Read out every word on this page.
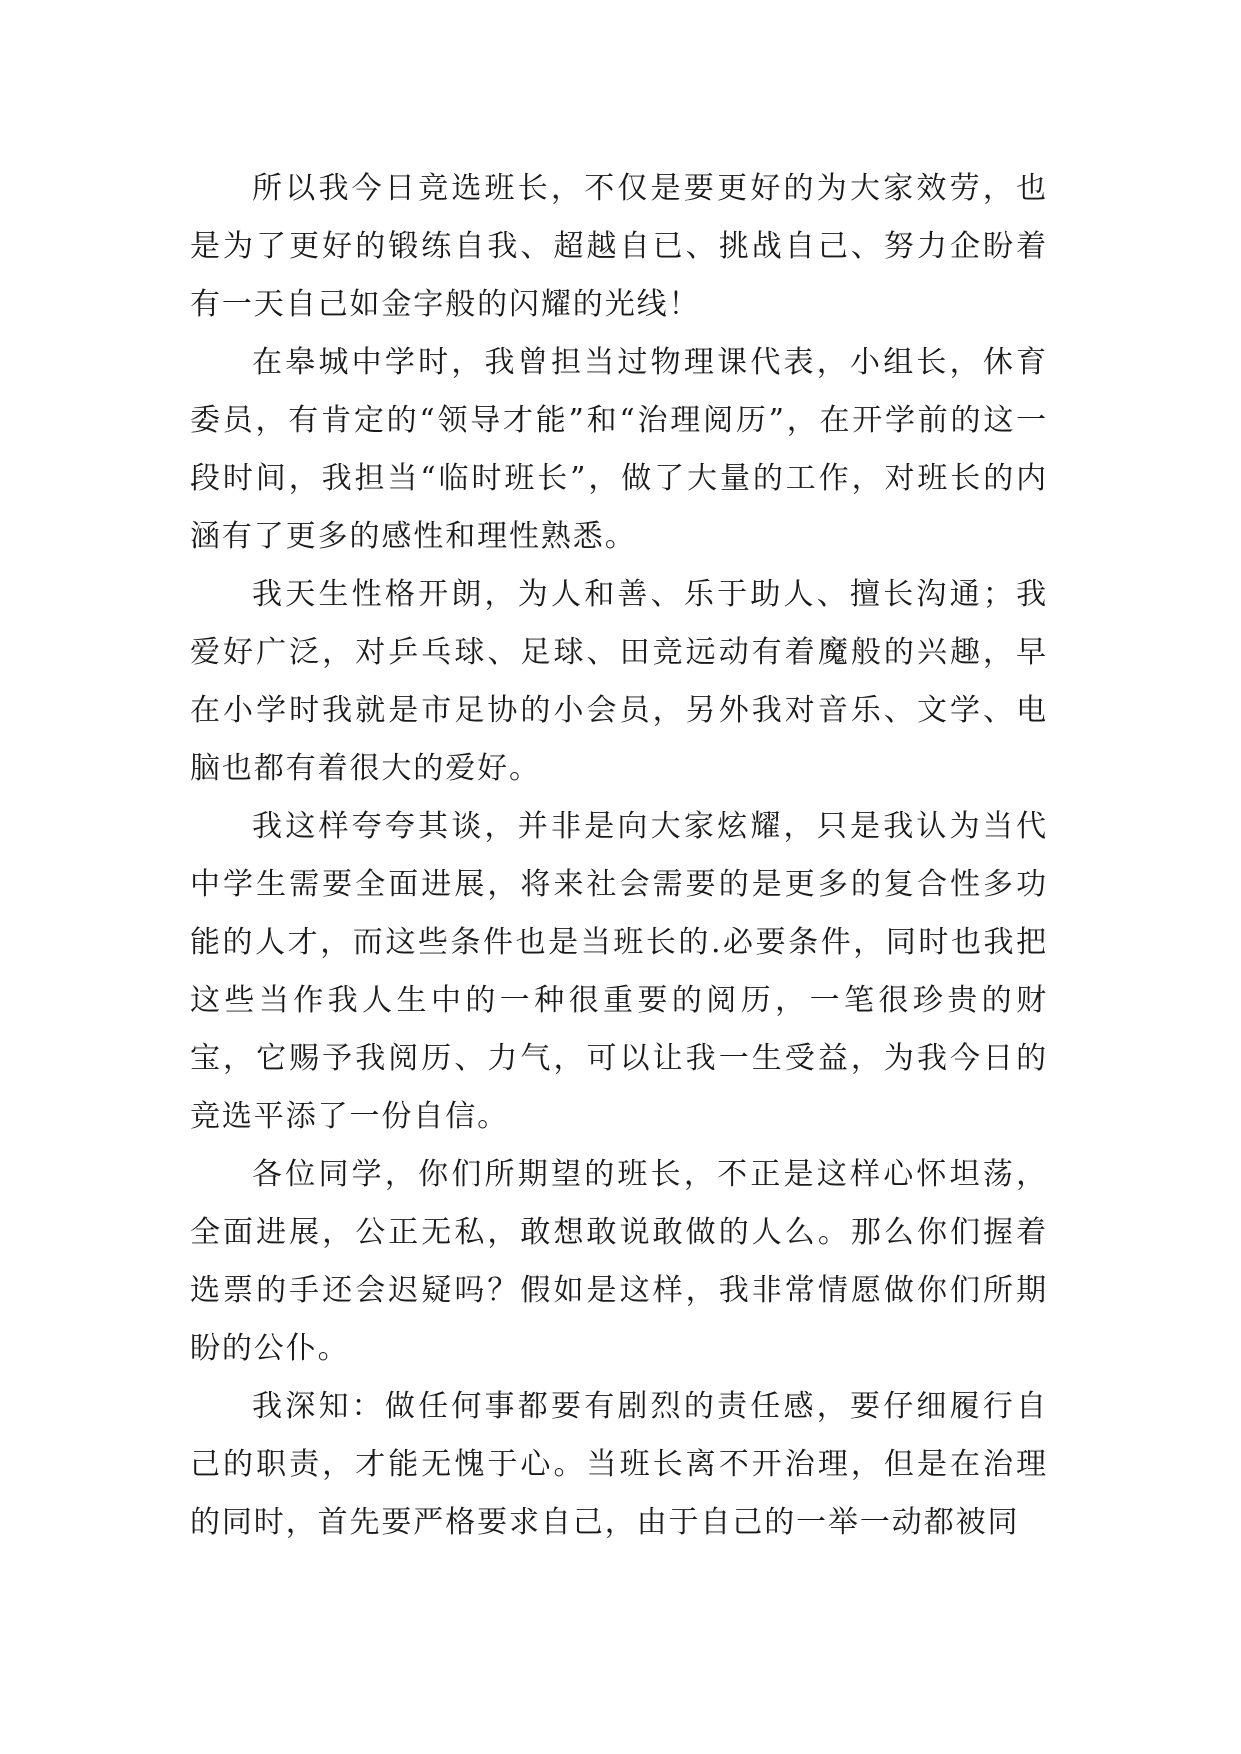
所以我今日竞选班长，不仅是要更好的为大家效劳，也是为了更好的锻练自我、超越自已、挑战自己、努力企盼着有一天自己如金字般的闪耀的光线！

在皋城中学时，我曾担当过物理课代表，小组长，休育委员，有肯定的“领导才能”和“治理阅历”，在开学前的这一段时间，我担当“临时班长”，做了大量的工作，对班长的内涵有了更多的感性和理性熟悉。

我天生性格开朗，为人和善、乐于助人、擅长沟通；我爱好广泛，对乒乓球、足球、田竞远动有着魔般的兴趣，早在小学时我就是市足协的小会员，另外我对音乐、文学、电脑也都有着很大的爱好。

我这样夸夸其谈，并非是向大家炫耀，只是我认为当代中学生需要全面进展，将来社会需要的是更多的复合性多功能的人才，而这些条件也是当班长的.必要条件，同时也我把这些当作我人生中的一种很重要的阅历，一笔很珍贵的财宝，它赐予我阅历、力气，可以让我一生受益，为我今日的竞选平添了一份自信。

各位同学，你们所期望的班长，不正是这样心怀坦荡，全面进展，公正无私，敢想敢说敢做的人么。那么你们握着选票的手还会迟疑吗？假如是这样，我非常情愿做你们所期盼的公仆。

我深知：做任何事都要有剧烈的责任感，要仔细履行自己的职责，才能无愧于心。当班长离不开治理，但是在治理的同时，首先要严格要求自己，由于自己的一举一动都被同
